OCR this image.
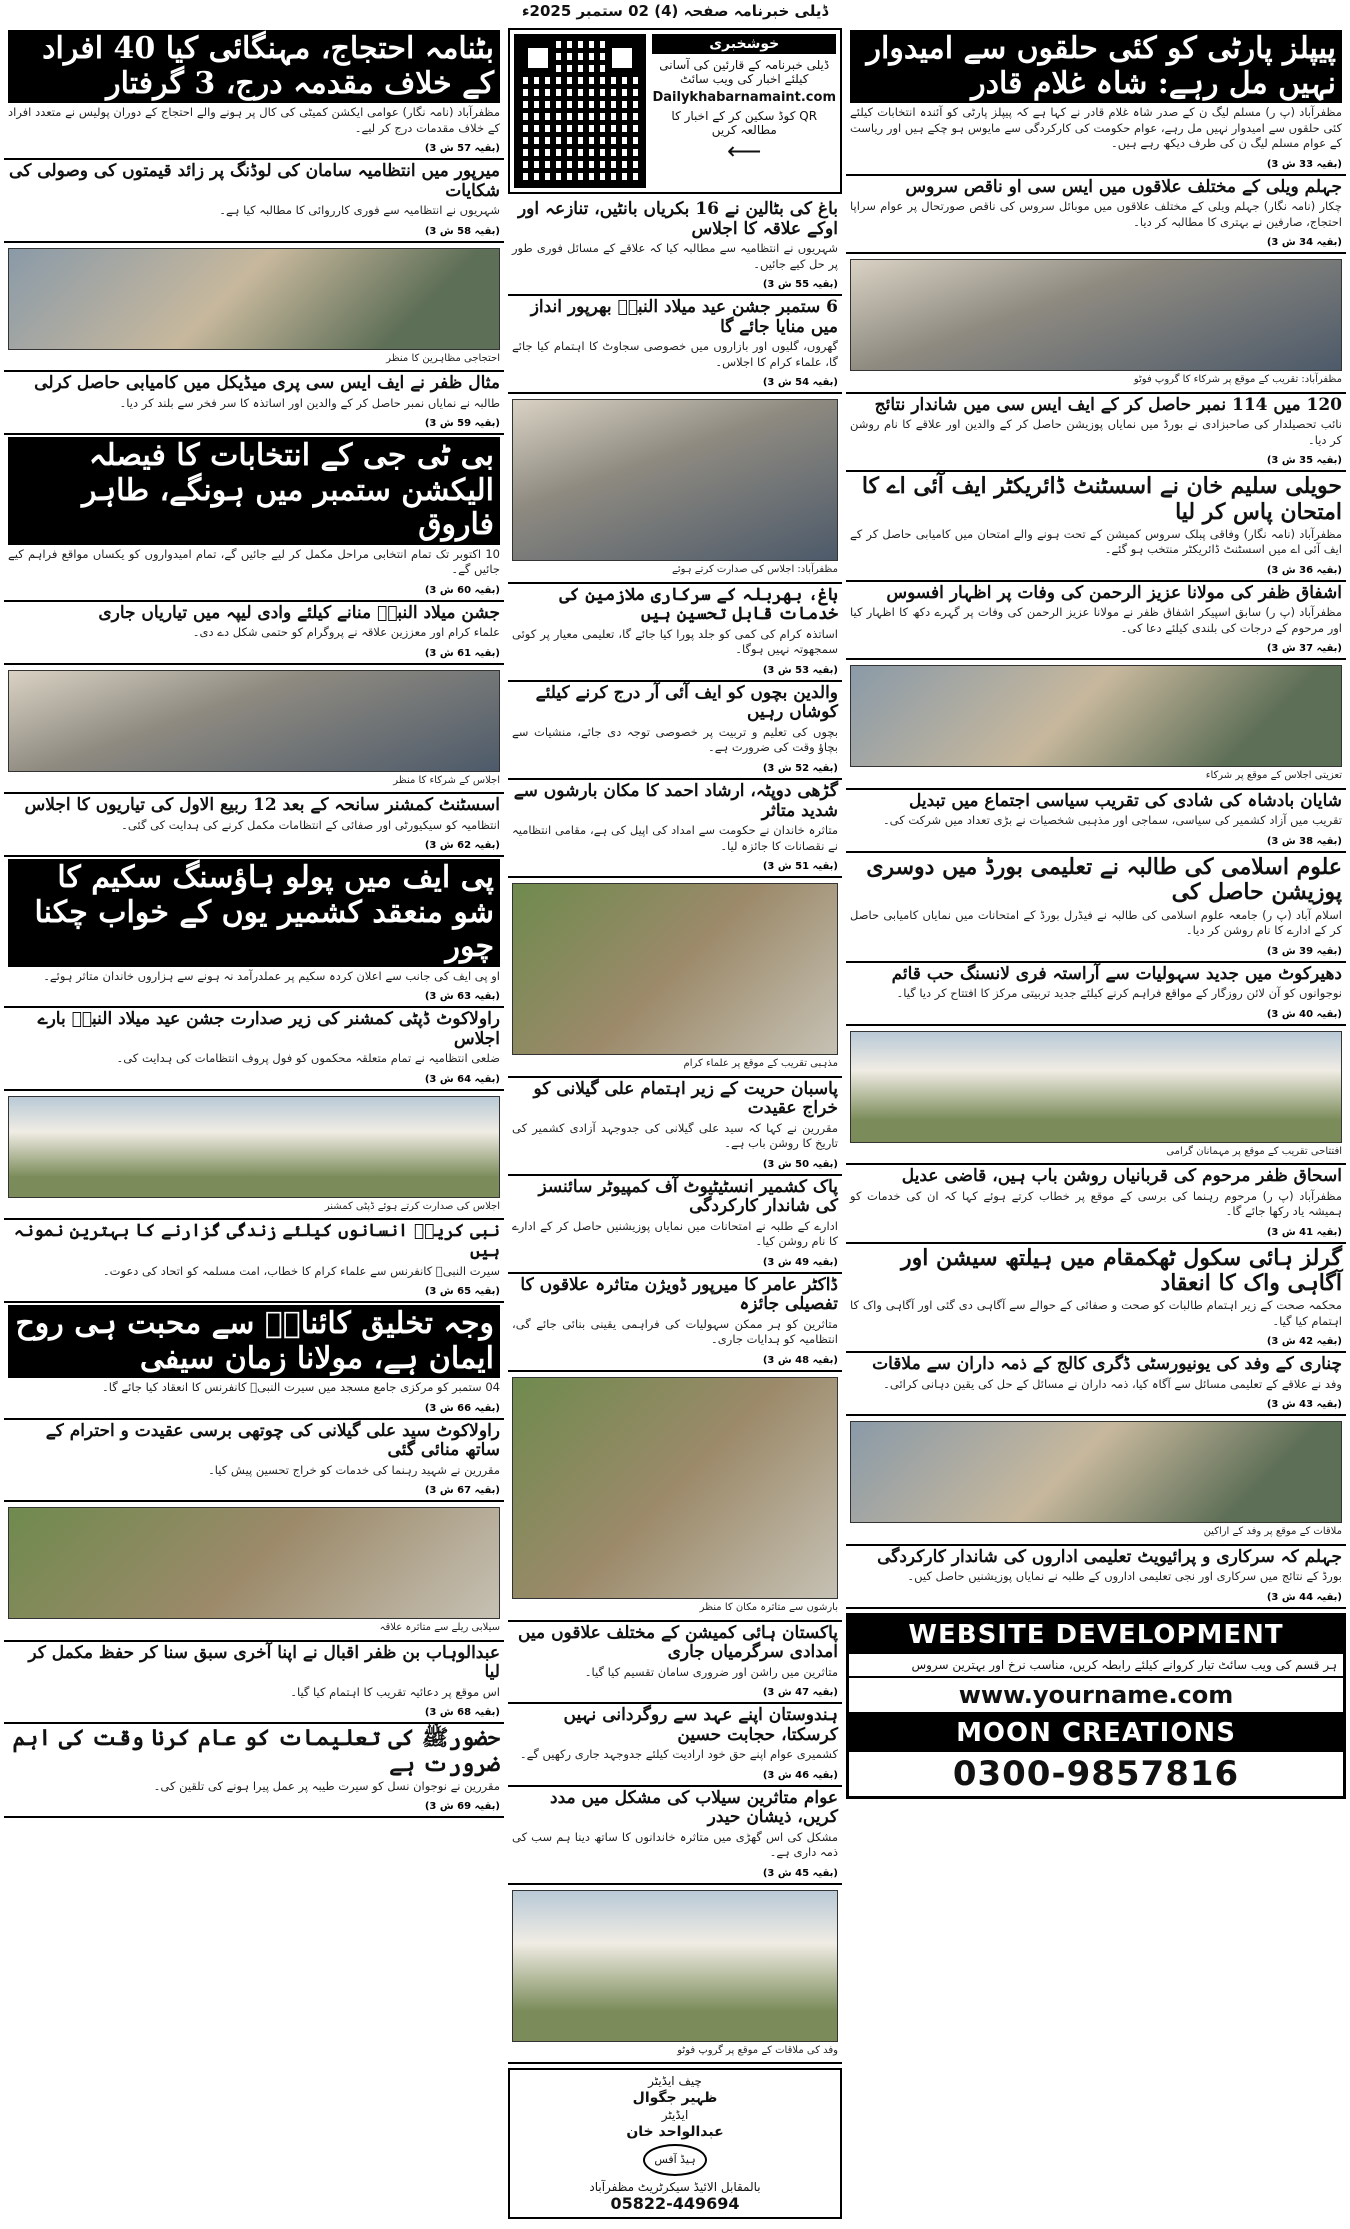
ڈیلی خبرنامہ صفحہ (4) 02 ستمبر 2025ء
پیپلز پارٹی کو کئی حلقوں سے امیدوار نہیں مل رہے: شاہ غلام قادر

مظفرآباد (پ ر) مسلم لیگ ن کے صدر شاہ غلام قادر نے کہا ہے کہ پیپلز پارٹی کو آئندہ انتخابات کیلئے کئی حلقوں سے امیدوار نہیں مل رہے، عوام حکومت کی کارکردگی سے مایوس ہو چکے ہیں اور ریاست کے عوام مسلم لیگ ن کی طرف دیکھ رہے ہیں۔

(بقیہ 33 ش 3)
جہلم ویلی کے مختلف علاقوں میں ایس سی او ناقص سروس

چکار (نامہ نگار) جہلم ویلی کے مختلف علاقوں میں موبائل سروس کی ناقص صورتحال پر عوام سراپا احتجاج، صارفین نے بہتری کا مطالبہ کر دیا۔

(بقیہ 34 ش 3)

مظفرآباد: تقریب کے موقع پر شرکاء کا گروپ فوٹو

120 میں 114 نمبر حاصل کر کے ایف ایس سی میں شاندار نتائج

نائب تحصیلدار کی صاحبزادی نے بورڈ میں نمایاں پوزیشن حاصل کر کے والدین اور علاقے کا نام روشن کر دیا۔

(بقیہ 35 ش 3)
حویلی سلیم خان نے اسسٹنٹ ڈائریکٹر ایف آئی اے کا امتحان پاس کر لیا

مظفرآباد (نامہ نگار) وفاقی پبلک سروس کمیشن کے تحت ہونے والے امتحان میں کامیابی حاصل کر کے ایف آئی اے میں اسسٹنٹ ڈائریکٹر منتخب ہو گئے۔

(بقیہ 36 ش 3)
اشفاق ظفر کی مولانا عزیز الرحمن کی وفات پر اظہار افسوس

مظفرآباد (پ ر) سابق اسپیکر اشفاق ظفر نے مولانا عزیز الرحمن کی وفات پر گہرے دکھ کا اظہار کیا اور مرحوم کے درجات کی بلندی کیلئے دعا کی۔

(بقیہ 37 ش 3)

تعزیتی اجلاس کے موقع پر شرکاء

شایان بادشاہ کی شادی کی تقریب سیاسی اجتماع میں تبدیل

تقریب میں آزاد کشمیر کی سیاسی، سماجی اور مذہبی شخصیات نے بڑی تعداد میں شرکت کی۔

(بقیہ 38 ش 3)
علوم اسلامی کی طالبہ نے تعلیمی بورڈ میں دوسری پوزیشن حاصل کی

اسلام آباد (پ ر) جامعہ علوم اسلامی کی طالبہ نے فیڈرل بورڈ کے امتحانات میں نمایاں کامیابی حاصل کر کے ادارے کا نام روشن کر دیا۔

(بقیہ 39 ش 3)
دھیرکوٹ میں جدید سہولیات سے آراستہ فری لانسنگ حب قائم

نوجوانوں کو آن لائن روزگار کے مواقع فراہم کرنے کیلئے جدید تربیتی مرکز کا افتتاح کر دیا گیا۔

(بقیہ 40 ش 3)

افتتاحی تقریب کے موقع پر مہمانان گرامی

اسحاق ظفر مرحوم کی قربانیاں روشن باب ہیں، قاضی عدیل

مظفرآباد (پ ر) مرحوم رہنما کی برسی کے موقع پر خطاب کرتے ہوئے کہا کہ ان کی خدمات کو ہمیشہ یاد رکھا جائے گا۔

(بقیہ 41 ش 3)
گرلز ہائی سکول ٹھکمقام میں ہیلتھ سیشن اور آگاہی واک کا انعقاد

محکمہ صحت کے زیر اہتمام طالبات کو صحت و صفائی کے حوالے سے آگاہی دی گئی اور آگاہی واک کا اہتمام کیا گیا۔

(بقیہ 42 ش 3)
چناری کے وفد کی یونیورسٹی ڈگری کالج کے ذمہ داران سے ملاقات

وفد نے علاقے کے تعلیمی مسائل سے آگاہ کیا، ذمہ داران نے مسائل کے حل کی یقین دہانی کرائی۔

(بقیہ 43 ش 3)

ملاقات کے موقع پر وفد کے اراکین

جہلم کہ سرکاری و پرائیویٹ تعلیمی اداروں کی شاندار کارکردگی

بورڈ کے نتائج میں سرکاری اور نجی تعلیمی اداروں کے طلبہ نے نمایاں پوزیشنیں حاصل کیں۔

(بقیہ 44 ش 3)
WEBSITE DEVELOPMENT
ہر قسم کی ویب سائٹ تیار کروانے کیلئے رابطہ کریں، مناسب نرخ اور بہترین سروس
www.yourname.com
MOON CREATIONS
0300-9857816
خوشخبری
ڈیلی خبرنامہ کے قارئین کی آسانی
کیلئے اخبار کی ویب سائٹ
Dailykhabarnamaint.com
QR کوڈ سکین کر کے اخبار کا مطالعہ کریں
⟵
باغ کی بٹالین نے 16 بکریاں بانٹیں، تنازعہ اور اوکے علاقہ کا اجلاس

شہریوں نے انتظامیہ سے مطالبہ کیا کہ علاقے کے مسائل فوری طور پر حل کیے جائیں۔

(بقیہ 55 ش 3)
6 ستمبر جشن عید میلاد النبیؐ بھرپور انداز میں منایا جائے گا

گھروں، گلیوں اور بازاروں میں خصوصی سجاوٹ کا اہتمام کیا جائے گا، علماء کرام کا اجلاس۔

(بقیہ 54 ش 3)

مظفرآباد: اجلاس کی صدارت کرتے ہوئے

باغ، بھربلہ کے سرکاری ملازمین کی خدمات قابل تحسین ہیں

اساتذہ کرام کی کمی کو جلد پورا کیا جائے گا، تعلیمی معیار پر کوئی سمجھوتہ نہیں ہوگا۔

(بقیہ 53 ش 3)
والدین بچوں کو ایف آئی آر درج کرنے کیلئے کوشاں رہیں

بچوں کی تعلیم و تربیت پر خصوصی توجہ دی جائے، منشیات سے بچاؤ وقت کی ضرورت ہے۔

(بقیہ 52 ش 3)
گڑھی دوپٹہ، ارشاد احمد کا مکان بارشوں سے شدید متاثر

متاثرہ خاندان نے حکومت سے امداد کی اپیل کی ہے، مقامی انتظامیہ نے نقصانات کا جائزہ لیا۔

(بقیہ 51 ش 3)

مذہبی تقریب کے موقع پر علماء کرام

پاسبان حریت کے زیر اہتمام علی گیلانی کو خراج عقیدت

مقررین نے کہا کہ سید علی گیلانی کی جدوجہد آزادی کشمیر کی تاریخ کا روشن باب ہے۔

(بقیہ 50 ش 3)
پاک کشمیر انسٹیٹیوٹ آف کمپیوٹر سائنسز کی شاندار کارکردگی

ادارے کے طلبہ نے امتحانات میں نمایاں پوزیشنیں حاصل کر کے ادارے کا نام روشن کیا۔

(بقیہ 49 ش 3)
ڈاکٹر عامر کا میرپور ڈویژن متاثرہ علاقوں کا تفصیلی جائزہ

متاثرین کو ہر ممکن سہولیات کی فراہمی یقینی بنائی جائے گی، انتظامیہ کو ہدایات جاری۔

(بقیہ 48 ش 3)

بارشوں سے متاثرہ مکان کا منظر

پاکستان ہائی کمیشن کے مختلف علاقوں میں امدادی سرگرمیاں جاری

متاثرین میں راشن اور ضروری سامان تقسیم کیا گیا۔

(بقیہ 47 ش 3)
ہندوستان اپنے عہد سے روگردانی نہیں کرسکتا، حجابت حسین

کشمیری عوام اپنے حق خود ارادیت کیلئے جدوجہد جاری رکھیں گے۔

(بقیہ 46 ش 3)
عوام متاثرین سیلاب کی مشکل میں مدد کریں، ذیشان حیدر

مشکل کی اس گھڑی میں متاثرہ خاندانوں کا ساتھ دینا ہم سب کی ذمہ داری ہے۔

(بقیہ 45 ش 3)

وفد کی ملاقات کے موقع پر گروپ فوٹو

چیف ایڈیٹر
ظہیر جگوال
ایڈیٹر
عبدالواحد خان
ہیڈ آفس
بالمقابل الائیڈ سیکرٹریٹ مظفرآباد
05822-449694
بٹنامہ احتجاج، مہنگائی کیا 40 افراد کے خلاف مقدمہ درج، 3 گرفتار

مظفرآباد (نامہ نگار) عوامی ایکشن کمیٹی کی کال پر ہونے والے احتجاج کے دوران پولیس نے متعدد افراد کے خلاف مقدمات درج کر لیے۔

(بقیہ 57 ش 3)
میرپور میں انتظامیہ سامان کی لوڈنگ پر زائد قیمتوں کی وصولی کی شکایات

شہریوں نے انتظامیہ سے فوری کارروائی کا مطالبہ کیا ہے۔

(بقیہ 58 ش 3)

احتجاجی مظاہرین کا منظر

مثال ظفر نے ایف ایس سی پری میڈیکل میں کامیابی حاصل کرلی

طالبہ نے نمایاں نمبر حاصل کر کے والدین اور اساتذہ کا سر فخر سے بلند کر دیا۔

(بقیہ 59 ش 3)
بی ٹی جی کے انتخابات کا فیصلہ الیکشن ستمبر میں ہونگے، طاہر فاروق

10 اکتوبر تک تمام انتخابی مراحل مکمل کر لیے جائیں گے، تمام امیدواروں کو یکساں مواقع فراہم کیے جائیں گے۔

(بقیہ 60 ش 3)
جشن میلاد النبیؐ منانے کیلئے وادی لیپہ میں تیاریاں جاری

علماء کرام اور معززین علاقہ نے پروگرام کو حتمی شکل دے دی۔

(بقیہ 61 ش 3)

اجلاس کے شرکاء کا منظر

اسسٹنٹ کمشنر سانحہ کے بعد 12 ربیع الاول کی تیاریوں کا اجلاس

انتظامیہ کو سیکیورٹی اور صفائی کے انتظامات مکمل کرنے کی ہدایت کی گئی۔

(بقیہ 62 ش 3)
پی ایف میں پولو ہاؤسنگ سکیم کا شو منعقد کشمیر یوں کے خواب چکنا چور

او پی ایف کی جانب سے اعلان کردہ سکیم پر عملدرآمد نہ ہونے سے ہزاروں خاندان متاثر ہوئے۔

(بقیہ 63 ش 3)
راولاکوٹ ڈپٹی کمشنر کی زیر صدارت جشن عید میلاد النبیؐ بارے اجلاس

ضلعی انتظامیہ نے تمام متعلقہ محکموں کو فول پروف انتظامات کی ہدایت کی۔

(بقیہ 64 ش 3)

اجلاس کی صدارت کرتے ہوئے ڈپٹی کمشنر

نبی کریمؐ انسانوں کیلئے زندگی گزارنے کا بہترین نمونہ ہیں

سیرت النبیؐ کانفرنس سے علماء کرام کا خطاب، امت مسلمہ کو اتحاد کی دعوت۔

(بقیہ 65 ش 3)
وجہ تخلیق کائناتؐ سے محبت ہی روح ایمان ہے، مولانا زمان سیفی

04 ستمبر کو مرکزی جامع مسجد میں سیرت النبیؐ کانفرنس کا انعقاد کیا جائے گا۔

(بقیہ 66 ش 3)
راولاکوٹ سید علی گیلانی کی چوتھی برسی عقیدت و احترام کے ساتھ منائی گئی

مقررین نے شہید رہنما کی خدمات کو خراج تحسین پیش کیا۔

(بقیہ 67 ش 3)

سیلابی ریلے سے متاثرہ علاقہ

عبدالوہاب بن ظفر اقبال نے اپنا آخری سبق سنا کر حفظ مکمل کر لیا

اس موقع پر دعائیہ تقریب کا اہتمام کیا گیا۔

(بقیہ 68 ش 3)
حضورﷺ کی تعلیمات کو عام کرنا وقت کی اہم ضرورت ہے

مقررین نے نوجوان نسل کو سیرت طیبہ پر عمل پیرا ہونے کی تلقین کی۔

(بقیہ 69 ش 3)
